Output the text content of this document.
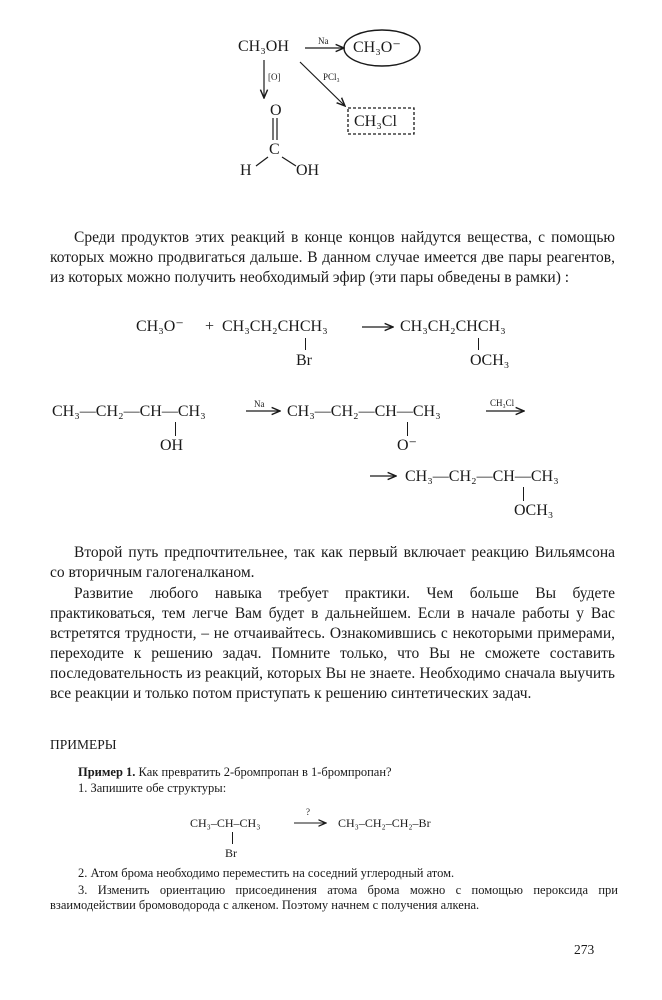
CH₃OH	Na CH₃O⁻
[O]	PCl₃
CH₃Cl
O
C
H	OH
Среди продуктов этих реакций в конце концов найдутся вещества, с помощью которых можно продвигаться дальше. В данном случае имеется две пары реагентов, из которых можно получить необходимый эфир (эти пары обведены в рамки) :
CH₃O⁻ + CH₃CH₂CHCH₃
Br
CH₃CH₂CHCH₃
OCH₃
CH₃—CH₂—CH—CH₃
OH
Na CH₃—CH₂—CH—CH₃
O⁻
CH₃Cl
CH₃—CH₂—CH—CH₃
OCH₃
Второй путь предпочтительнее, так как первый включает реакцию Вильямсона со вторичным галогеналканом.
Развитие любого навыка требует практики. Чем больше Вы будете практиковаться, тем легче Вам будет в дальнейшем. Если в начале работы у Вас встретятся трудности, – не отчаивайтесь. Ознакомившись с некоторыми примерами, переходите к решению задач. Помните только, что Вы не сможете составить последовательность из реакций, которых Вы не знаете. Необходимо сначала выучить все реакции и только потом приступать к решению синтетических задач.
ПРИМЕРЫ
Пример 1. Как превратить 2-бромпропан в 1-бромпропан?
1. Запишите обе структуры:
CH₃–CH–CH₃
Br
?
CH₃–CH₂–CH₂–Br
2. Атом брома необходимо переместить на соседний углеродный атом.
3. Изменить ориентацию присоединения атома брома можно с помощью пероксида при взаимодействии бромоводорода с алкеном. Поэтому начнем с получения алкена.
273
